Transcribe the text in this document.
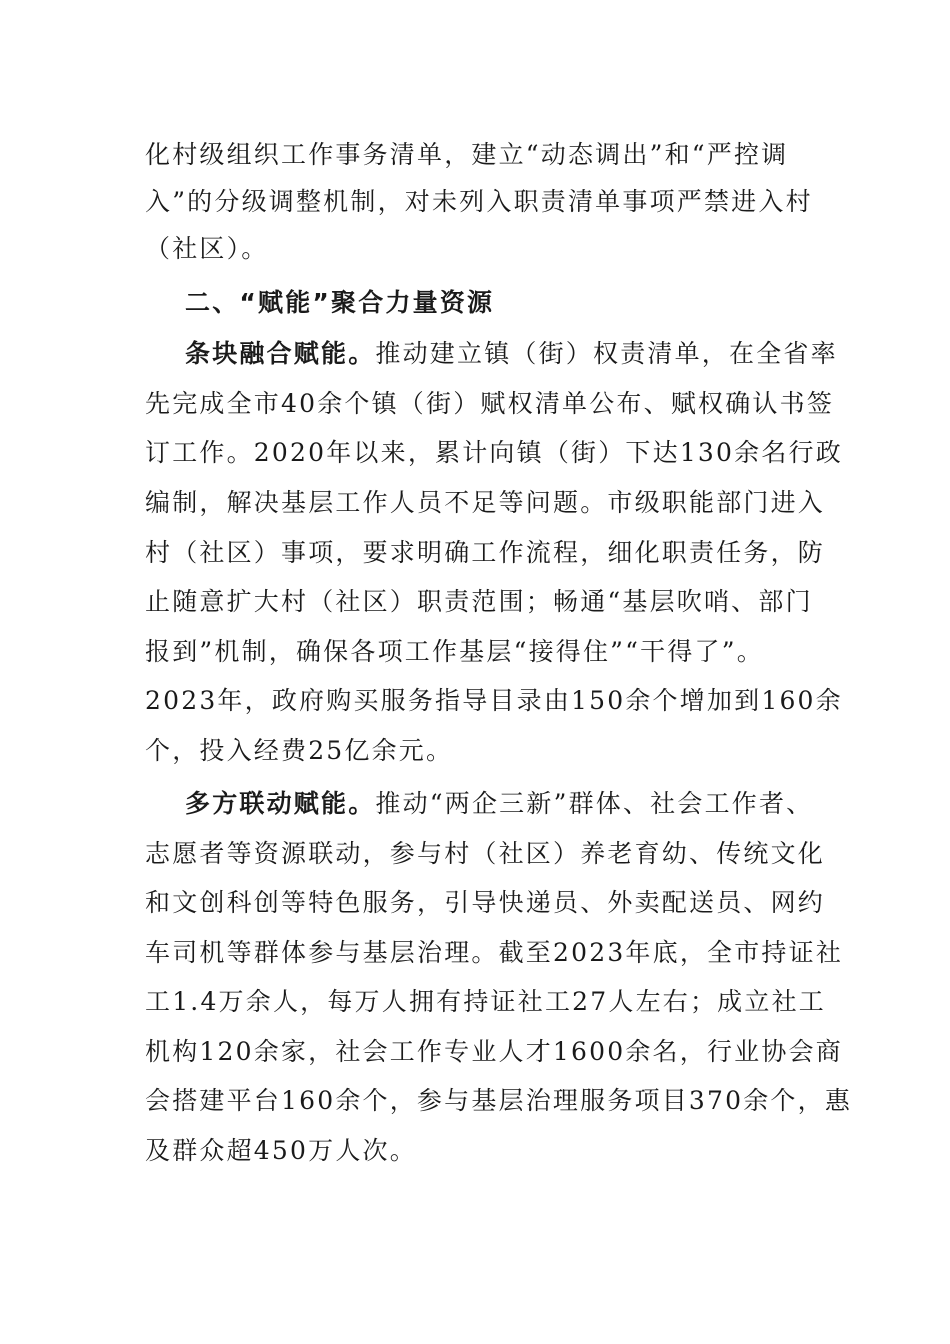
化村级组织工作事务清单，建立“动态调出”和“严控调
入”的分级调整机制，对未列入职责清单事项严禁进入村
（社区）。
二、“赋能”聚合力量资源
条块融合赋能。推动建立镇（街）权责清单，在全省率
先完成全市40余个镇（街）赋权清单公布、赋权确认书签
订工作。2020年以来，累计向镇（街）下达130余名行政
编制，解决基层工作人员不足等问题。市级职能部门进入
村（社区）事项，要求明确工作流程，细化职责任务，防
止随意扩大村（社区）职责范围；畅通“基层吹哨、部门
报到”机制，确保各项工作基层“接得住”“干得了”。
2023年，政府购买服务指导目录由150余个增加到160余
个，投入经费25亿余元。
多方联动赋能。推动“两企三新”群体、社会工作者、
志愿者等资源联动，参与村（社区）养老育幼、传统文化
和文创科创等特色服务，引导快递员、外卖配送员、网约
车司机等群体参与基层治理。截至2023年底，全市持证社
工1.4万余人，每万人拥有持证社工27人左右；成立社工
机构120余家，社会工作专业人才1600余名，行业协会商
会搭建平台160余个，参与基层治理服务项目370余个，惠
及群众超450万人次。
